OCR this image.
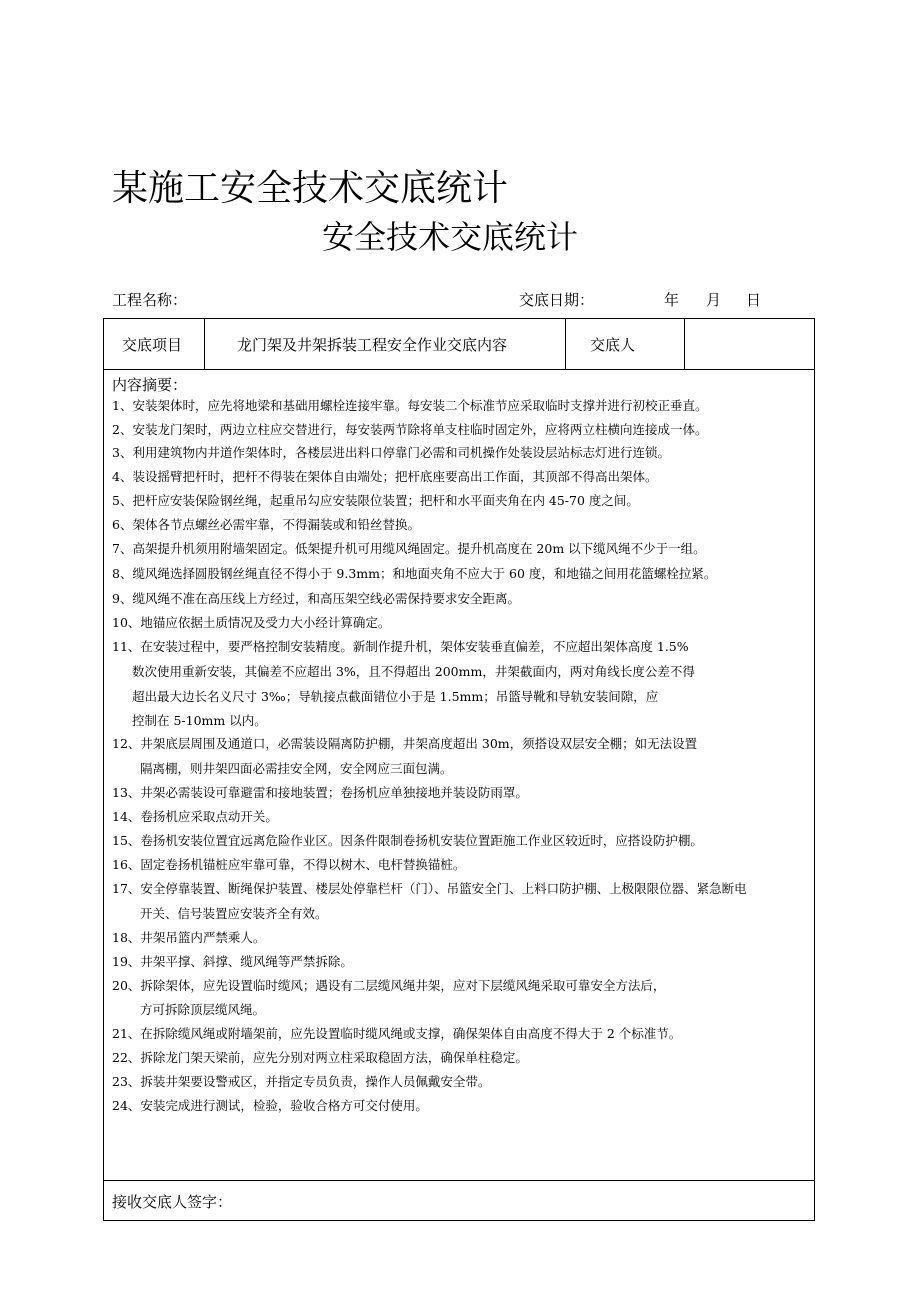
某施工安全技术交底统计
安全技术交底统计
工程名称：	交底日期：	年 月 日
交底项目	龙门架及井架拆装工程安全作业交底内容	交底人
内容摘要：
1、安装架体时，应先将地梁和基础用螺栓连接牢靠。每安装二个标准节应采取临时支撑并进行初校正垂直。
2、安装龙门架时，两边立柱应交替进行，每安装两节除将单支柱临时固定外，应将两立柱横向连接成一体。
3、利用建筑物内井道作架体时，各楼层进出料口停靠门必需和司机操作处装设层站标志灯进行连锁。
4、装设摇臂把杆时，把杆不得装在架体自由端处；把杆底座要高出工作面，其顶部不得高出架体。
5、把杆应安装保险钢丝绳，起重吊勾应安装限位装置；把杆和水平面夹角在内 45-70 度之间。
6、架体各节点螺丝必需牢靠，不得漏装或和铅丝替换。
7、高架提升机须用附墙架固定。低架提升机可用缆风绳固定。提升机高度在 20m 以下缆风绳不少于一组。
8、缆风绳选择圆股钢丝绳直径不得小于 9.3mm；和地面夹角不应大于 60 度，和地锚之间用花篮螺栓拉紧。
9、缆风绳不准在高压线上方经过，和高压架空线必需保持要求安全距离。
10、地锚应依据土质情况及受力大小经计算确定。
11、在安装过程中，要严格控制安装精度。新制作提升机，架体安装垂直偏差，不应超出架体高度 1.5%
数次使用重新安装，其偏差不应超出 3%，且不得超出 200mm，井架截面内，两对角线长度公差不得
超出最大边长名义尺寸 3‰；导轨接点截面错位小于是 1.5mm；吊篮导靴和导轨安装间隙，应
控制在 5-10mm 以内。
12、井架底层周围及通道口，必需装设隔离防护棚，井架高度超出 30m，须搭设双层安全棚；如无法设置
隔离棚，则井架四面必需挂安全网，安全网应三面包满。
13、井架必需装设可靠避雷和接地装置；卷扬机应单独接地并装设防雨罩。
14、卷扬机应采取点动开关。
15、卷扬机安装位置宜远离危险作业区。因条件限制卷扬机安装位置距施工作业区较近时，应搭设防护棚。
16、固定卷扬机锚桩应牢靠可靠，不得以树木、电杆替换锚桩。
17、安全停靠装置、断绳保护装置、楼层处停靠栏杆（门）、吊篮安全门、上料口防护棚、上极限限位器、紧急断电
开关、信号装置应安装齐全有效。
18、井架吊篮内严禁乘人。
19、井架平撑、斜撑、缆风绳等严禁拆除。
20、拆除架体，应先设置临时缆风；遇设有二层缆风绳井架，应对下层缆风绳采取可靠安全方法后，
方可拆除顶层缆风绳。
21、在拆除缆风绳或附墙架前，应先设置临时缆风绳或支撑，确保架体自由高度不得大于 2 个标准节。
22、拆除龙门架天梁前，应先分别对两立柱采取稳固方法，确保单柱稳定。
23、拆装井架要设警戒区，并指定专员负责，操作人员佩戴安全带。
24、安装完成进行测试，检验，验收合格方可交付使用。
接收交底人签字：
